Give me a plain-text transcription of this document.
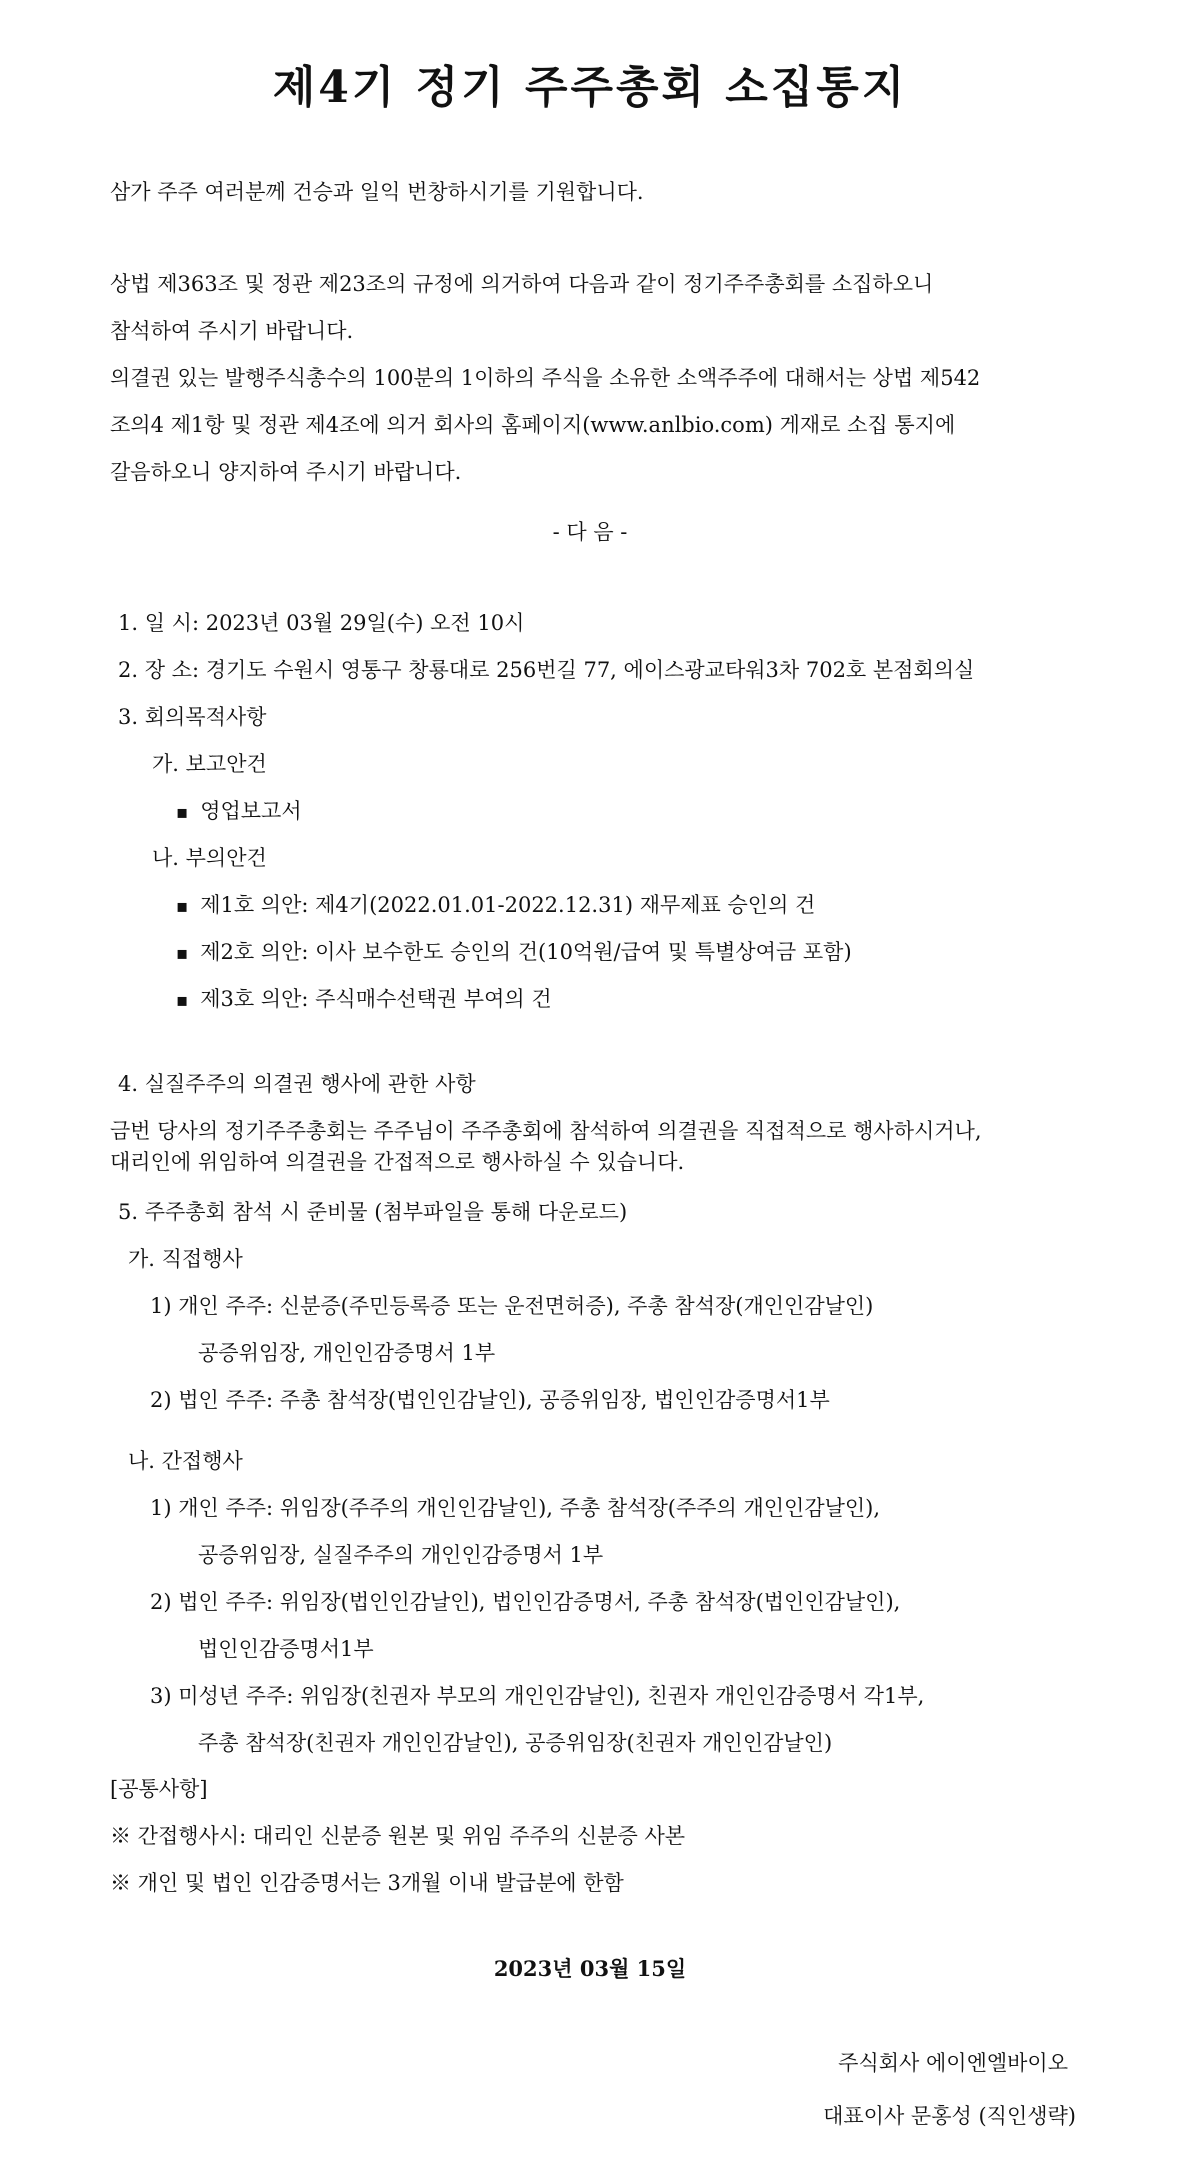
제4기 정기 주주총회 소집통지
삼가 주주 여러분께 건승과 일익 번창하시기를 기원합니다.
상법 제363조 및 정관 제23조의 규정에 의거하여 다음과 같이 정기주주총회를 소집하오니
참석하여 주시기 바랍니다.
의결권 있는 발행주식총수의 100분의 1이하의 주식을 소유한 소액주주에 대해서는 상법 제542
조의4 제1항 및 정관 제4조에 의거 회사의 홈페이지(www.anlbio.com) 게재로 소집 통지에
갈음하오니 양지하여 주시기 바랍니다.
- 다 음 -
1. 일 시: 2023년 03월 29일(수) 오전 10시
2. 장 소: 경기도 수원시 영통구 창룡대로 256번길 77, 에이스광교타워3차 702호 본점회의실
3. 회의목적사항
가. 보고안건
▪ 영업보고서
나. 부의안건
▪ 제1호 의안: 제4기(2022.01.01-2022.12.31) 재무제표 승인의 건
▪ 제2호 의안: 이사 보수한도 승인의 건(10억원/급여 및 특별상여금 포함)
▪ 제3호 의안: 주식매수선택권 부여의 건
4. 실질주주의 의결권 행사에 관한 사항
금번 당사의 정기주주총회는 주주님이 주주총회에 참석하여 의결권을 직접적으로 행사하시거나,
대리인에 위임하여 의결권을 간접적으로 행사하실 수 있습니다.
5. 주주총회 참석 시 준비물 (첨부파일을 통해 다운로드)
가. 직접행사
1) 개인 주주: 신분증(주민등록증 또는 운전면허증), 주총 참석장(개인인감날인)
공증위임장, 개인인감증명서 1부
2) 법인 주주: 주총 참석장(법인인감날인), 공증위임장, 법인인감증명서1부
나. 간접행사
1) 개인 주주: 위임장(주주의 개인인감날인), 주총 참석장(주주의 개인인감날인),
공증위임장, 실질주주의 개인인감증명서 1부
2) 법인 주주: 위임장(법인인감날인), 법인인감증명서, 주총 참석장(법인인감날인),
법인인감증명서1부
3) 미성년 주주: 위임장(친권자 부모의 개인인감날인), 친권자 개인인감증명서 각1부,
주총 참석장(친권자 개인인감날인), 공증위임장(친권자 개인인감날인)
[공통사항]
※ 간접행사시: 대리인 신분증 원본 및 위임 주주의 신분증 사본
※ 개인 및 법인 인감증명서는 3개월 이내 발급분에 한함
2023년 03월 15일
주식회사 에이엔엘바이오
대표이사 문홍성 (직인생략)
